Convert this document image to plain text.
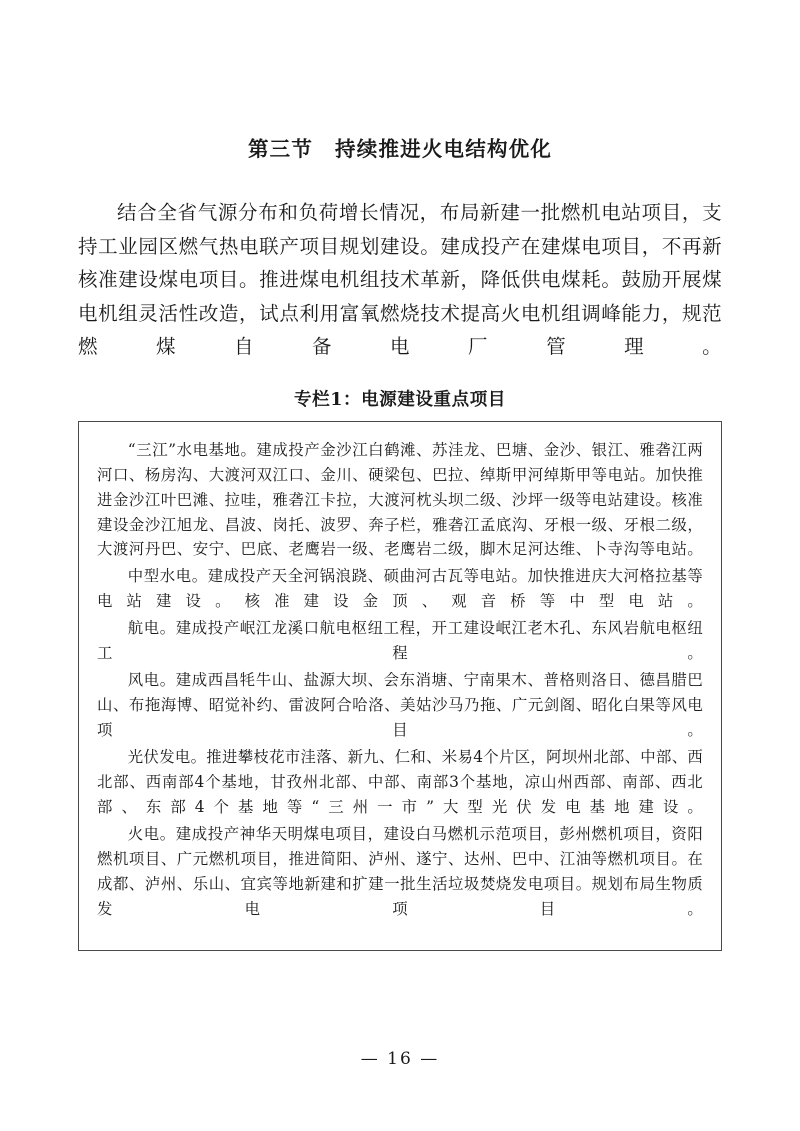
第三节 持续推进火电结构优化
结合全省气源分布和负荷增长情况，布局新建一批燃机电站项目，支持工业园区燃气热电联产项目规划建设。建成投产在建煤电项目，不再新核准建设煤电项目。推进煤电机组技术革新，降低供电煤耗。鼓励开展煤电机组灵活性改造，试点利用富氧燃烧技术提高火电机组调峰能力，规范燃煤自备电厂管理。
专栏1：电源建设重点项目

“三江”水电基地。建成投产金沙江白鹤滩、苏洼龙、巴塘、金沙、银江、雅砻江两河口、杨房沟、大渡河双江口、金川、硬梁包、巴拉、绰斯甲河绰斯甲等电站。加快推进金沙江叶巴滩、拉哇，雅砻江卡拉，大渡河枕头坝二级、沙坪一级等电站建设。核准建设金沙江旭龙、昌波、岗托、波罗、奔子栏，雅砻江孟底沟、牙根一级、牙根二级，大渡河丹巴、安宁、巴底、老鹰岩一级、老鹰岩二级，脚木足河达维、卜寺沟等电站。

中型水电。建成投产天全河锅浪跷、硕曲河古瓦等电站。加快推进庆大河格拉基等电站建设。核准建设金顶、观音桥等中型电站。

航电。建成投产岷江龙溪口航电枢纽工程，开工建设岷江老木孔、东风岩航电枢纽工程。

风电。建成西昌牦牛山、盐源大坝、会东消塘、宁南果木、普格则洛日、德昌腊巴山、布拖海博、昭觉补约、雷波阿合哈洛、美姑沙马乃拖、广元剑阁、昭化白果等风电项目。

光伏发电。推进攀枝花市洼落、新九、仁和、米易4个片区，阿坝州北部、中部、西北部、西南部4个基地，甘孜州北部、中部、南部3个基地，凉山州西部、南部、西北部、东部4个基地等“三州一市”大型光伏发电基地建设。

火电。建成投产神华天明煤电项目，建设白马燃机示范项目，彭州燃机项目，资阳燃机项目、广元燃机项目，推进简阳、泸州、遂宁、达州、巴中、江油等燃机项目。在成都、泸州、乐山、宜宾等地新建和扩建一批生活垃圾焚烧发电项目。规划布局生物质发电项目。

— 16 —
